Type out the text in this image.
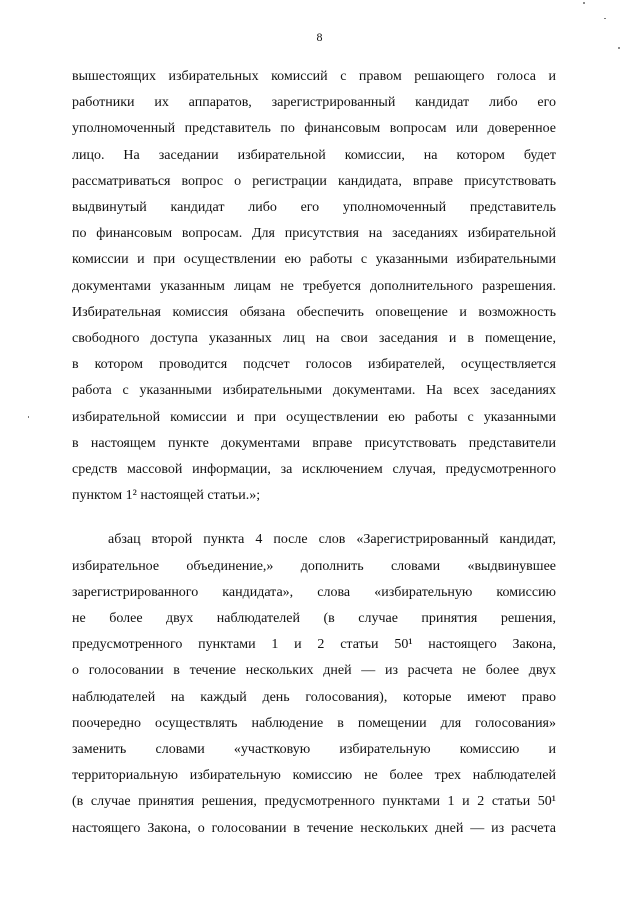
8
вышестоящих избирательных комиссий с правом решающего голоса и
работники их аппаратов, зарегистрированный кандидат либо его
уполномоченный представитель по финансовым вопросам или доверенное
лицо. На заседании избирательной комиссии, на котором будет
рассматриваться вопрос о регистрации кандидата, вправе присутствовать
выдвинутый кандидат либо его уполномоченный представитель
по финансовым вопросам. Для присутствия на заседаниях избирательной
комиссии и при осуществлении ею работы с указанными избирательными
документами указанным лицам не требуется дополнительного разрешения.
Избирательная комиссия обязана обеспечить оповещение и возможность
свободного доступа указанных лиц на свои заседания и в помещение,
в котором проводится подсчет голосов избирателей, осуществляется
работа с указанными избирательными документами. На всех заседаниях
избирательной комиссии и при осуществлении ею работы с указанными
в настоящем пункте документами вправе присутствовать представители
средств массовой информации, за исключением случая, предусмотренного
пунктом 1² настоящей статьи.»;
абзац второй пункта 4 после слов «Зарегистрированный кандидат,
избирательное объединение,» дополнить словами «выдвинувшее
зарегистрированного кандидата», слова «избирательную комиссию
не более двух наблюдателей (в случае принятия решения,
предусмотренного пунктами 1 и 2 статьи 50¹ настоящего Закона,
о голосовании в течение нескольких дней — из расчета не более двух
наблюдателей на каждый день голосования), которые имеют право
поочередно осуществлять наблюдение в помещении для голосования»
заменить словами «участковую избирательную комиссию и
территориальную избирательную комиссию не более трех наблюдателей
(в случае принятия решения, предусмотренного пунктами 1 и 2 статьи 50¹
настоящего Закона, о голосовании в течение нескольких дней — из расчета
